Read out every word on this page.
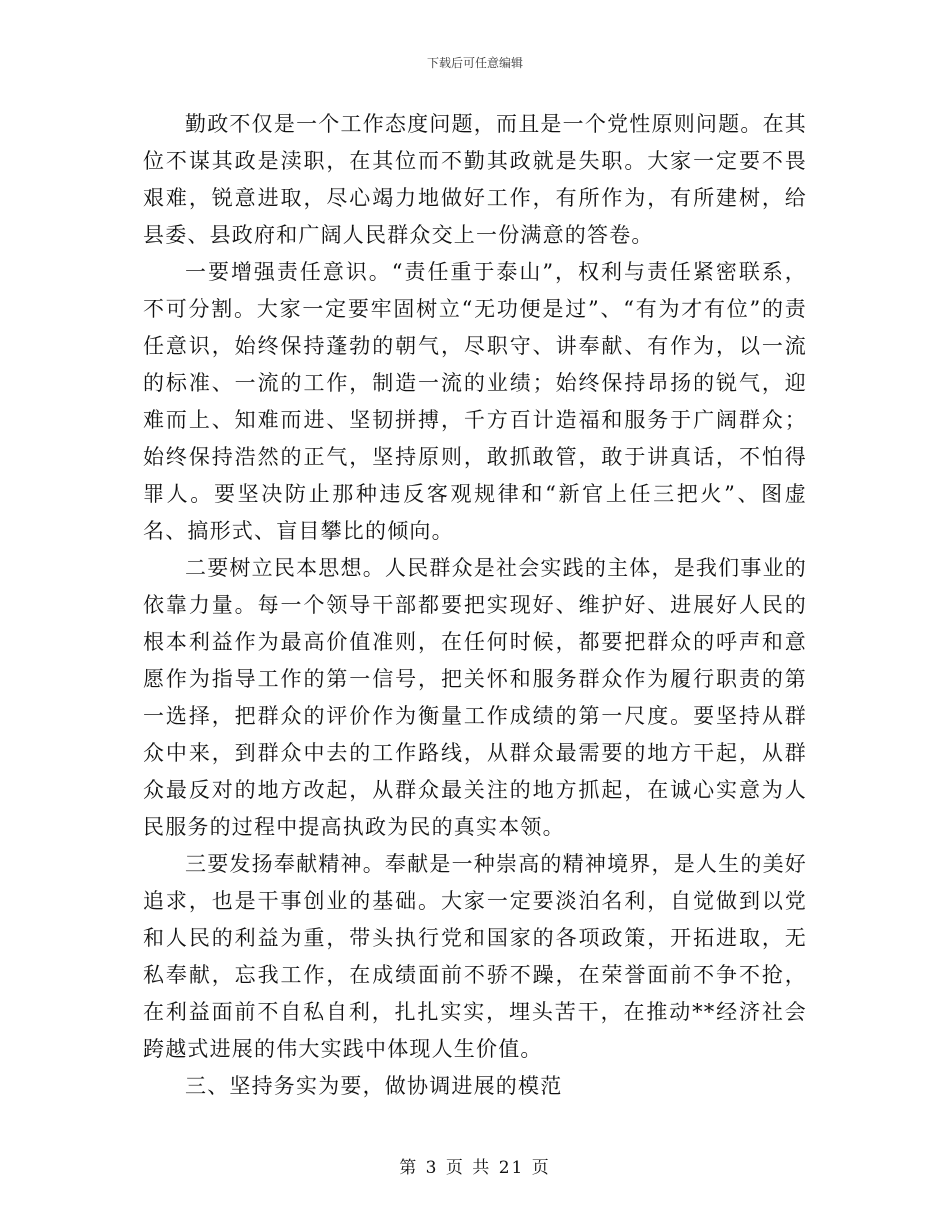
下载后可任意编辑

勤政不仅是一个工作态度问题，而且是一个党性原则问题。在其位不谋其政是渎职，在其位而不勤其政就是失职。大家一定要不畏艰难，锐意进取，尽心竭力地做好工作，有所作为，有所建树，给县委、县政府和广阔人民群众交上一份满意的答卷。

一要增强责任意识。“责任重于泰山”，权利与责任紧密联系，不可分割。大家一定要牢固树立“无功便是过”、“有为才有位”的责任意识，始终保持蓬勃的朝气，尽职守、讲奉献、有作为，以一流的标准、一流的工作，制造一流的业绩；始终保持昂扬的锐气，迎难而上、知难而进、坚韧拼搏，千方百计造福和服务于广阔群众；始终保持浩然的正气，坚持原则，敢抓敢管，敢于讲真话，不怕得罪人。要坚决防止那种违反客观规律和“新官上任三把火”、图虚名、搞形式、盲目攀比的倾向。

二要树立民本思想。人民群众是社会实践的主体，是我们事业的依靠力量。每一个领导干部都要把实现好、维护好、进展好人民的根本利益作为最高价值准则，在任何时候，都要把群众的呼声和意愿作为指导工作的第一信号，把关怀和服务群众作为履行职责的第一选择，把群众的评价作为衡量工作成绩的第一尺度。要坚持从群众中来，到群众中去的工作路线，从群众最需要的地方干起，从群众最反对的地方改起，从群众最关注的地方抓起，在诚心实意为人民服务的过程中提高执政为民的真实本领。

三要发扬奉献精神。奉献是一种崇高的精神境界，是人生的美好追求，也是干事创业的基础。大家一定要淡泊名利，自觉做到以党和人民的利益为重，带头执行党和国家的各项政策，开拓进取，无私奉献，忘我工作，在成绩面前不骄不躁，在荣誉面前不争不抢，在利益面前不自私自利，扎扎实实，埋头苦干，在推动**经济社会跨越式进展的伟大实践中体现人生价值。

三、坚持务实为要，做协调进展的模范

第 3 页 共 21 页
